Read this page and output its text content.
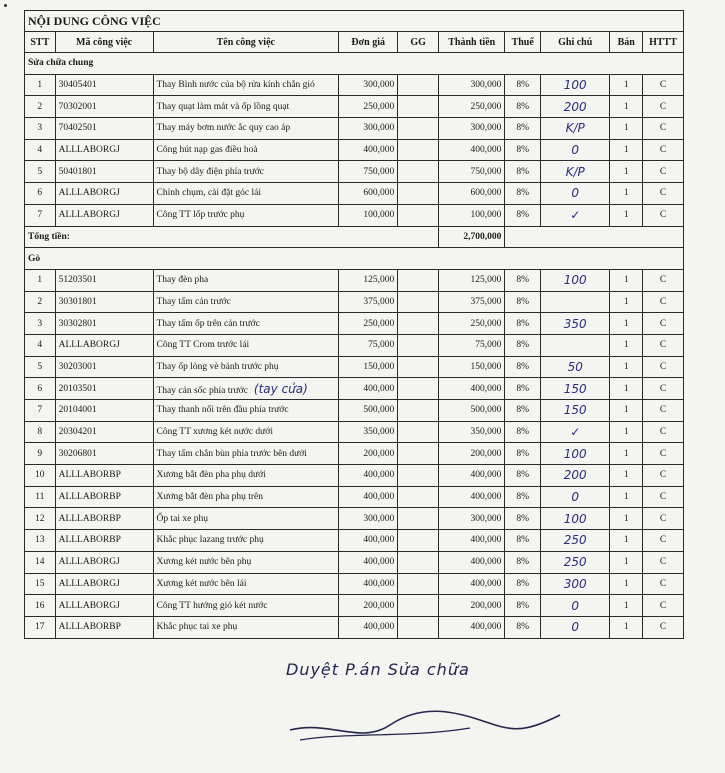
NỘI DUNG CÔNG VIỆC									
STT	Mã công việc	Tên công việc	Đơn giá	GG	Thành tiền	Thuế	Ghi chú	Bán	HTTT
Sửa chữa chung									
1	30405401	Thay Bình nước của bộ rửa kính chắn gió	300,000		300,000	8%	100	1	C
2	70302001	Thay quạt làm mát và ốp lồng quạt	250,000		250,000	8%	200	1	C
3	70402501	Thay máy bơm nước ắc quy cao áp	300,000		300,000	8%	K/P	1	C
4	ALLLABORGJ	Công hút nạp gas điều hoà	400,000		400,000	8%	0	1	C
5	50401801	Thay bộ dây điện phía trước	750,000		750,000	8%	K/P	1	C
6	ALLLABORGJ	Chỉnh chụm, cài đặt góc lái	600,000		600,000	8%	0	1	C
7	ALLLABORGJ	Công TT lốp trước phụ	100,000		100,000	8%	✓	1	C
Tổng tiền:					2,700,000				
Gò									
1	51203501	Thay đèn pha	125,000		125,000	8%	100	1	C
2	30301801	Thay tấm cản trước	375,000		375,000	8%		1	C
3	30302801	Thay tấm ốp trên cản trước	250,000		250,000	8%	350	1	C
4	ALLLABORGJ	Công TT Crom trước lái	75,000		75,000	8%		1	C
5	30203001	Thay ốp lòng vè bánh trước phụ	150,000		150,000	8%	50	1	C
6	20103501	Thay cản sốc phía trước (tay cửa)	400,000		400,000	8%	150	1	C
7	20104001	Thay thanh nối trên đầu phía trước	500,000		500,000	8%	150	1	C
8	20304201	Công TT xương két nước dưới	350,000		350,000	8%	✓	1	C
9	30206801	Thay tấm chắn bùn phía trước bên dưới	200,000		200,000	8%	100	1	C
10	ALLLABORBP	Xương bắt đèn pha phụ dưới	400,000		400,000	8%	200	1	C
11	ALLLABORBP	Xương bắt đèn pha phụ trên	400,000		400,000	8%	0	1	C
12	ALLLABORBP	Ốp tai xe phụ	300,000		300,000	8%	100	1	C
13	ALLLABORBP	Khắc phục lazang trước phụ	400,000		400,000	8%	250	1	C
14	ALLLABORGJ	Xương két nước bên phụ	400,000		400,000	8%	250	1	C
15	ALLLABORGJ	Xương két nước bên lái	400,000		400,000	8%	300	1	C
16	ALLLABORGJ	Công TT hướng gió két nước	200,000		200,000	8%	0	1	C
17	ALLLABORBP	Khắc phục tai xe phụ	400,000		400,000	8%	0	1	C
Duyệt P.án Sửa chữa
